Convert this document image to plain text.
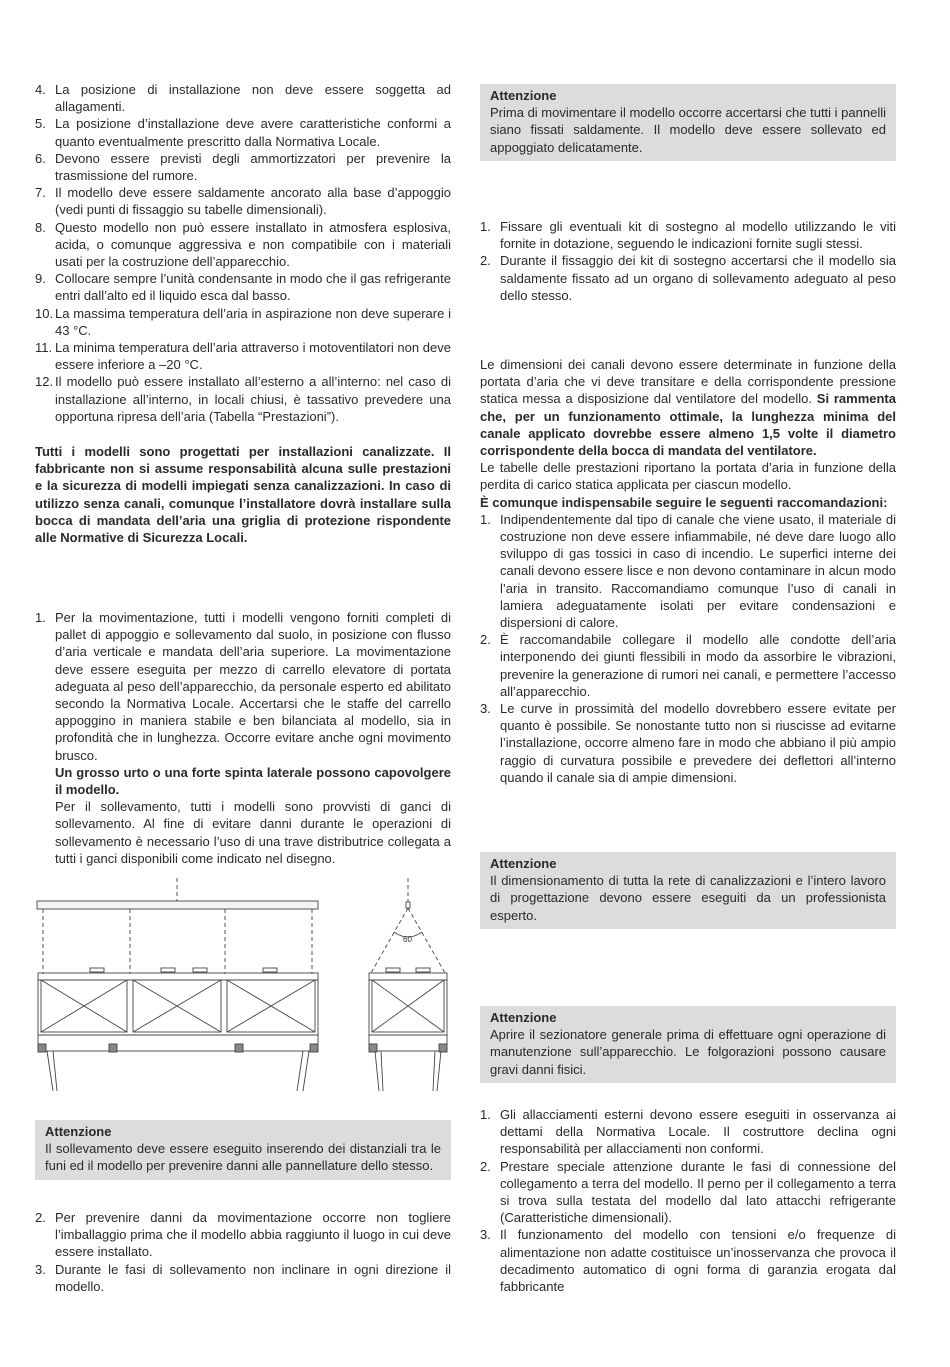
4. La posizione di installazione non deve essere soggetta ad allagamenti.
5. La posizione d’installazione deve avere caratteristiche conformi a quanto eventualmente prescritto dalla Normativa Locale.
6. Devono essere previsti degli ammortizzatori per prevenire la trasmissione del rumore.
7. Il modello deve essere saldamente ancorato alla base d’appoggio (vedi punti di fissaggio su tabelle dimensionali).
8. Questo modello non può essere installato in atmosfera esplosiva, acida, o comunque aggressiva e non compatibile con i materiali usati per la costruzione dell’apparecchio.
9. Collocare sempre l’unità condensante in modo che il gas refrigerante entri dall’alto ed il liquido esca dal basso.
10. La massima temperatura dell’aria in aspirazione non deve superare i 43 °C.
11. La minima temperatura dell’aria attraverso i motoventilatori non deve essere inferiore a –20 °C.
12. Il modello può essere installato all’esterno a all’interno: nel caso di installazione all’interno, in locali chiusi, è tassativo prevedere una opportuna ripresa dell’aria (Tabella “Prestazioni”).

Tutti i modelli sono progettati per installazioni canalizzate. Il fabbricante non si assume responsabilità alcuna sulle prestazioni e la sicurezza di modelli impiegati senza canalizzazioni. In caso di utilizzo senza canali, comunque l’installatore dovrà installare sulla bocca di mandata dell’aria una griglia di protezione rispondente alle Normative di Sicurezza Locali.

1. Per la movimentazione, tutti i modelli vengono forniti completi di pallet di appoggio e sollevamento dal suolo, in posizione con flusso d’aria verticale e mandata dell’aria superiore. La movimentazione deve essere eseguita per mezzo di carrello elevatore di portata adeguata al peso dell’apparecchio, da personale esperto ed abilitato secondo la Normativa Locale. Accertarsi che le staffe del carrello appoggino in maniera stabile e ben bilanciata al modello, sia in profondità che in lunghezza. Occorre evitare anche ogni movimento brusco.

Un grosso urto o una forte spinta laterale possono capovolgere il modello.

Per il sollevamento, tutti i modelli sono provvisti di ganci di sollevamento. Al fine di evitare danni durante le operazioni di sollevamento è necessario l’uso di una trave distributrice collegata a tutti i ganci disponibili come indicato nel disegno.

60
Attenzione
Il sollevamento deve essere eseguito inserendo dei distanziali tra le funi ed il modello per prevenire danni alle pannellature dello stesso.
2. Per prevenire danni da movimentazione occorre non togliere l’imballaggio prima che il modello abbia raggiunto il luogo in cui deve essere installato.
3. Durante le fasi di sollevamento non inclinare in ogni direzione il modello.
Attenzione
Prima di movimentare il modello occorre accertarsi che tutti i pannelli siano fissati saldamente. Il modello deve essere sollevato ed appoggiato delicatamente.
1. Fissare gli eventuali kit di sostegno al modello utilizzando le viti fornite in dotazione, seguendo le indicazioni fornite sugli stessi.
2. Durante il fissaggio dei kit di sostegno accertarsi che il modello sia saldamente fissato ad un organo di sollevamento adeguato al peso dello stesso.

Le dimensioni dei canali devono essere determinate in funzione della portata d’aria che vi deve transitare e della corrispondente pressione statica messa a disposizione dal ventilatore del modello. Si rammenta che, per un funzionamento ottimale, la lunghezza minima del canale applicato dovrebbe essere almeno 1,5 volte il diametro corrispondente della bocca di mandata del ventilatore.

Le tabelle delle prestazioni riportano la portata d’aria in funzione della perdita di carico statica applicata per ciascun modello.

È comunque indispensabile seguire le seguenti raccomandazioni:

1. Indipendentemente dal tipo di canale che viene usato, il materiale di costruzione non deve essere infiammabile, né deve dare luogo allo sviluppo di gas tossici in caso di incendio. Le superfici interne dei canali devono essere lisce e non devono contaminare in alcun modo l’aria in transito. Raccomandiamo comunque l’uso di canali in lamiera adeguatamente isolati per evitare condensazioni e dispersioni di calore.
2. È raccomandabile collegare il modello alle condotte dell’aria interponendo dei giunti flessibili in modo da assorbire le vibrazioni, prevenire la generazione di rumori nei canali, e permettere l’accesso all’apparecchio.
3. Le curve in prossimità del modello dovrebbero essere evitate per quanto è possibile. Se nonostante tutto non si riuscisse ad evitarne l’installazione, occorre almeno fare in modo che abbiano il più ampio raggio di curvatura possibile e prevedere dei deflettori all’interno quando il canale sia di ampie dimensioni.
Attenzione
Il dimensionamento di tutta la rete di canalizzazioni e l’intero lavoro di progettazione devono essere eseguiti da un professionista esperto.
Attenzione
Aprire il sezionatore generale prima di effettuare ogni operazione di manutenzione sull’apparecchio. Le folgorazioni possono causare gravi danni fisici.
1. Gli allacciamenti esterni devono essere eseguiti in osservanza ai dettami della Normativa Locale. Il costruttore declina ogni responsabilità per allacciamenti non conformi.
2. Prestare speciale attenzione durante le fasi di connessione del collegamento a terra del modello. Il perno per il collegamento a terra si trova sulla testata del modello dal lato attacchi refrigerante (Caratteristiche dimensionali).
3. Il funzionamento del modello con tensioni e/o frequenze di alimentazione non adatte costituisce un’inosservanza che provoca il decadimento automatico di ogni forma di garanzia erogata dal fabbricante
